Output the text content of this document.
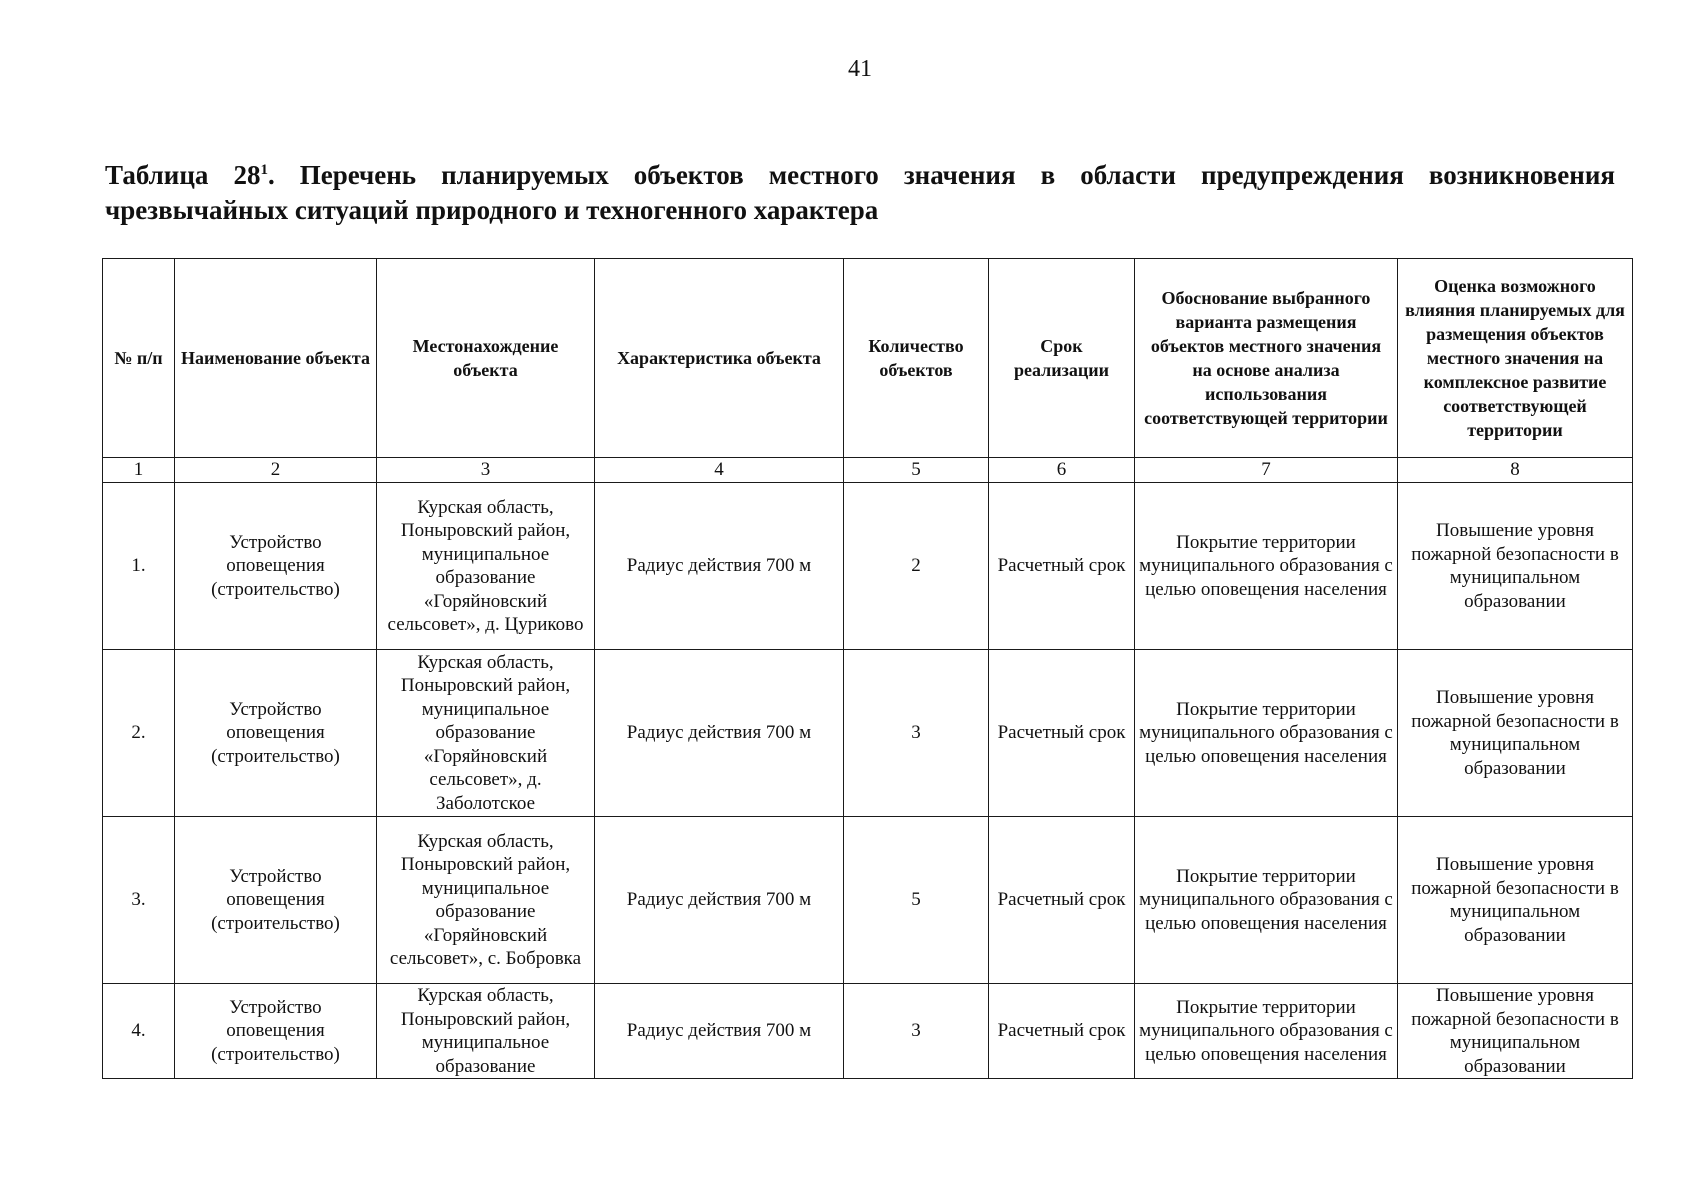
41
Таблица $28^1$. Перечень планируемых объектов местного значения в области предупреждения возникновения чрезвычайных ситуаций природного и техногенного характера
№ п/п	Наименование объекта	Местонахождение объекта	Характеристика объекта	Количество объектов	Срок реализации	Обоснование выбранного варианта размещения объектов местного значения на основе анализа использования соответствующей территории	Оценка возможного влияния планируемых для размещения объектов местного значения на комплексное развитие соответствующей территории
1	2	3	4	5	6	7	8
1.	Устройство оповещения (строительство)	Курская область, Поныровский район, муниципальное образование «Горяйновский сельсовет», д. Цуриково	Радиус действия 700 м	2	Расчетный срок	Покрытие территории муниципального образования с целью оповещения населения	Повышение уровня пожарной безопасности в муниципальном образовании
2.	Устройство оповещения (строительство)	Курская область, Поныровский район, муниципальное образование «Горяйновский сельсовет», д. Заболотское	Радиус действия 700 м	3	Расчетный срок	Покрытие территории муниципального образования с целью оповещения населения	Повышение уровня пожарной безопасности в муниципальном образовании
3.	Устройство оповещения (строительство)	Курская область, Поныровский район, муниципальное образование «Горяйновский сельсовет», с. Бобровка	Радиус действия 700 м	5	Расчетный срок	Покрытие территории муниципального образования с целью оповещения населения	Повышение уровня пожарной безопасности в муниципальном образовании
4.	Устройство оповещения (строительство)	Курская область, Поныровский район, муниципальное образование	Радиус действия 700 м	3	Расчетный срок	Покрытие территории муниципального образования с целью оповещения населения	Повышение уровня пожарной безопасности в муниципальном образовании
